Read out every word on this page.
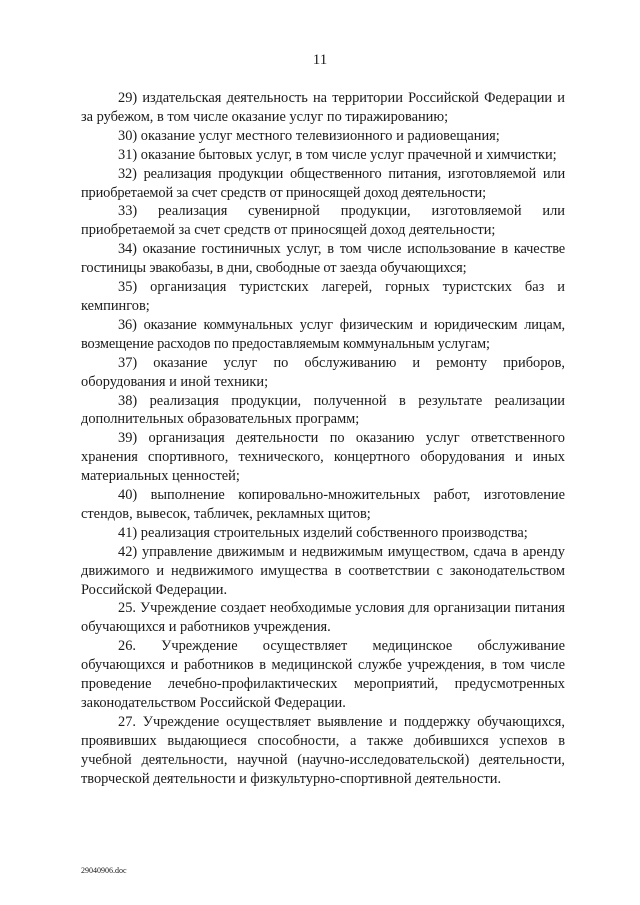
11

29) издательская деятельность на территории Российской Федерации и за рубежом, в том числе оказание услуг по тиражированию;

30) оказание услуг местного телевизионного и радиовещания;

31) оказание бытовых услуг, в том числе услуг прачечной и химчистки;

32) реализация продукции общественного питания, изготовляемой или приобретаемой за счет средств от приносящей доход деятельности;

33) реализация сувенирной продукции, изготовляемой или приобретаемой за счет средств от приносящей доход деятельности;

34) оказание гостиничных услуг, в том числе использование в качестве гостиницы эвакобазы, в дни, свободные от заезда обучающихся;

35) организация туристских лагерей, горных туристских баз и кемпингов;

36) оказание коммунальных услуг физическим и юридическим лицам, возмещение расходов по предоставляемым коммунальным услугам;

37) оказание услуг по обслуживанию и ремонту приборов, оборудования и иной техники;

38) реализация продукции, полученной в результате реализации дополнительных образовательных программ;

39) организация деятельности по оказанию услуг ответственного хранения спортивного, технического, концертного оборудования и иных материальных ценностей;

40) выполнение копировально-множительных работ, изготовление стендов, вывесок, табличек, рекламных щитов;

41) реализация строительных изделий собственного производства;

42) управление движимым и недвижимым имуществом, сдача в аренду движимого и недвижимого имущества в соответствии с законодательством Российской Федерации.

25. Учреждение создает необходимые условия для организации питания обучающихся и работников учреждения.

26. Учреждение осуществляет медицинское обслуживание обучающихся и работников в медицинской службе учреждения, в том числе проведение лечебно-профилактических мероприятий, предусмотренных законодательством Российской Федерации.

27. Учреждение осуществляет выявление и поддержку обучающихся, проявивших выдающиеся способности, а также добившихся успехов в учебной деятельности, научной (научно-исследовательской) деятельности, творческой деятельности и физкультурно-спортивной деятельности.

29040906.doc
